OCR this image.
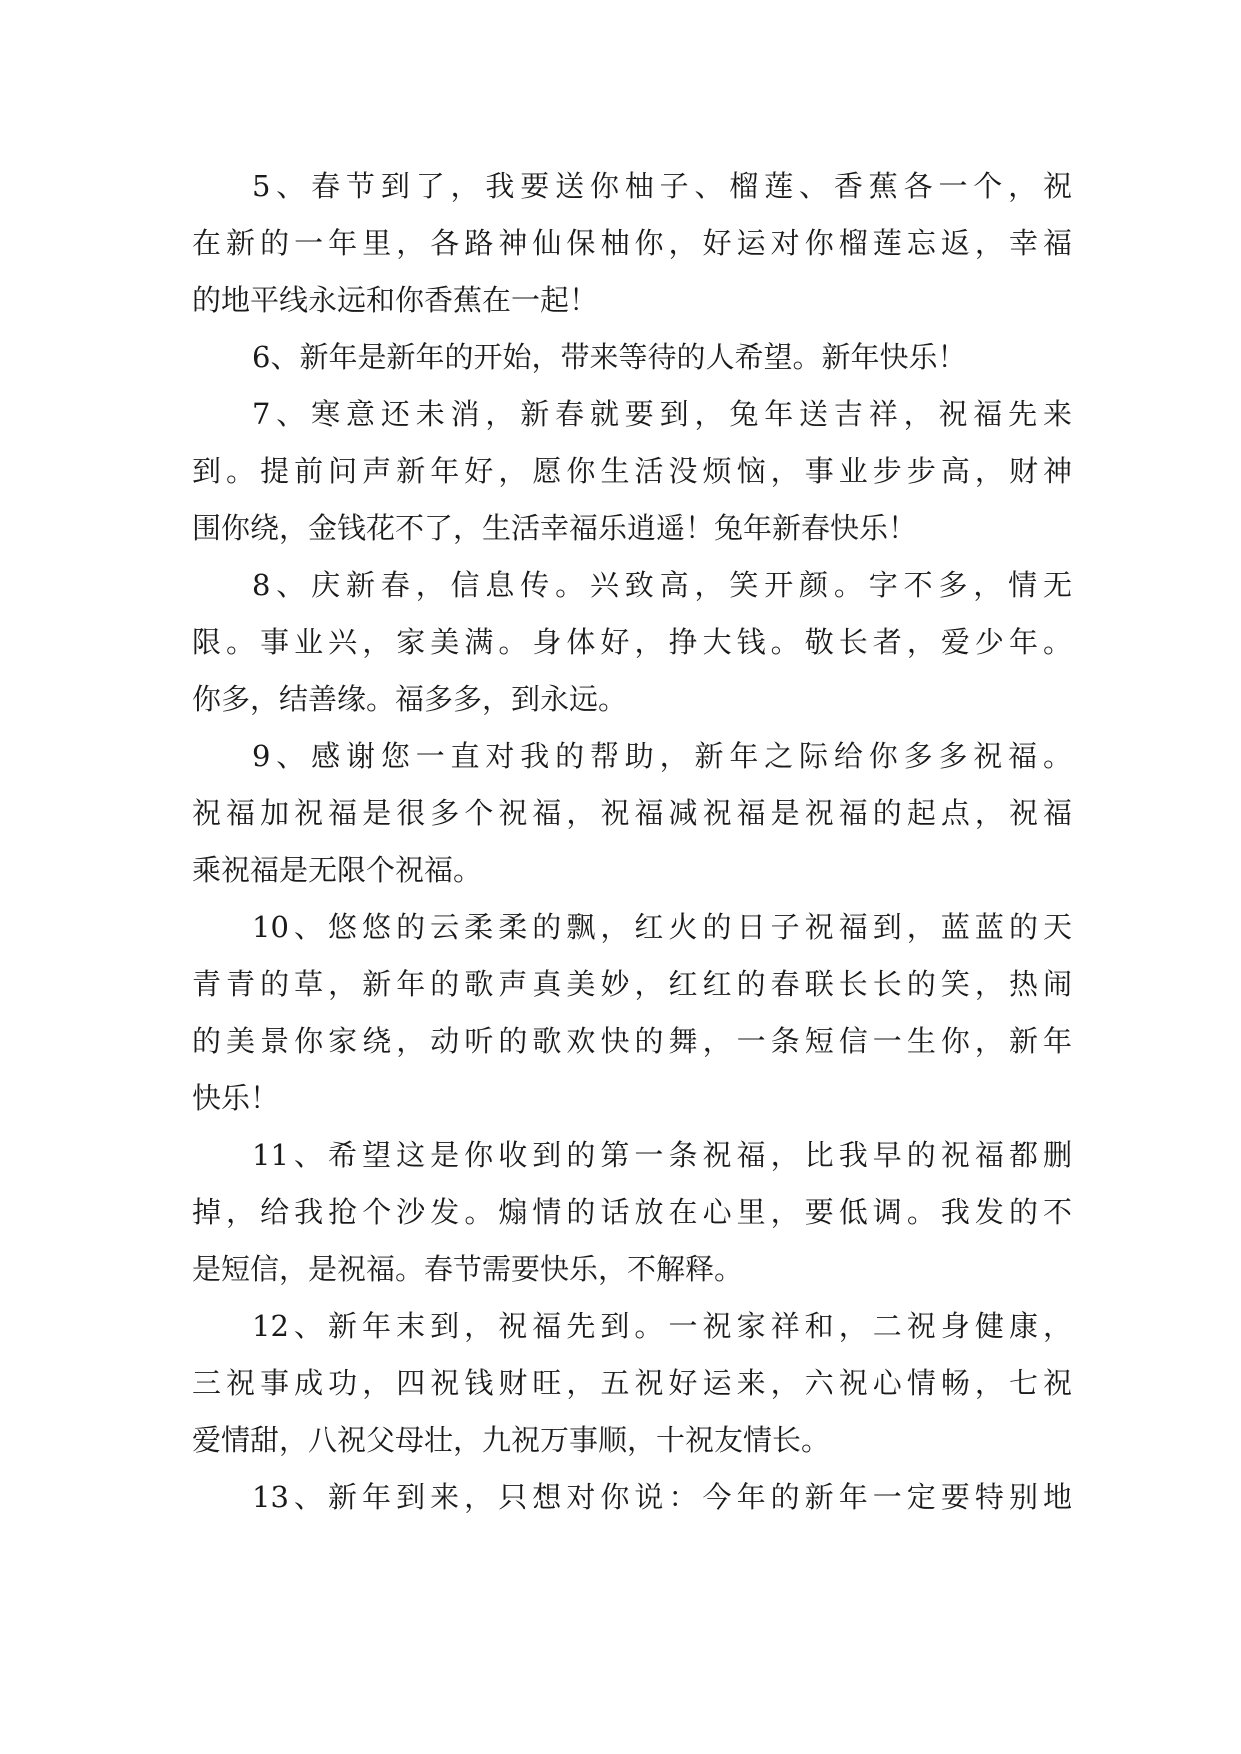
5、春节到了，我要送你柚子、榴莲、香蕉各一个，祝
在新的一年里，各路神仙保柚你，好运对你榴莲忘返，幸福
的地平线永远和你香蕉在一起！
6、新年是新年的开始，带来等待的人希望。新年快乐！
7、寒意还未消，新春就要到，兔年送吉祥，祝福先来
到。提前问声新年好，愿你生活没烦恼，事业步步高，财神
围你绕，金钱花不了，生活幸福乐逍遥！兔年新春快乐！
8、庆新春，信息传。兴致高，笑开颜。字不多，情无
限。事业兴，家美满。身体好，挣大钱。敬长者，爱少年。
你多，结善缘。福多多，到永远。
9、感谢您一直对我的帮助，新年之际给你多多祝福。
祝福加祝福是很多个祝福，祝福减祝福是祝福的起点，祝福
乘祝福是无限个祝福。
10、悠悠的云柔柔的飘，红火的日子祝福到，蓝蓝的天
青青的草，新年的歌声真美妙，红红的春联长长的笑，热闹
的美景你家绕，动听的歌欢快的舞，一条短信一生你，新年
快乐！
11、希望这是你收到的第一条祝福，比我早的祝福都删
掉，给我抢个沙发。煽情的话放在心里，要低调。我发的不
是短信，是祝福。春节需要快乐，不解释。
12、新年末到，祝福先到。一祝家祥和，二祝身健康，
三祝事成功，四祝钱财旺，五祝好运来，六祝心情畅，七祝
爱情甜，八祝父母壮，九祝万事顺，十祝友情长。
13、新年到来，只想对你说：今年的新年一定要特别地
